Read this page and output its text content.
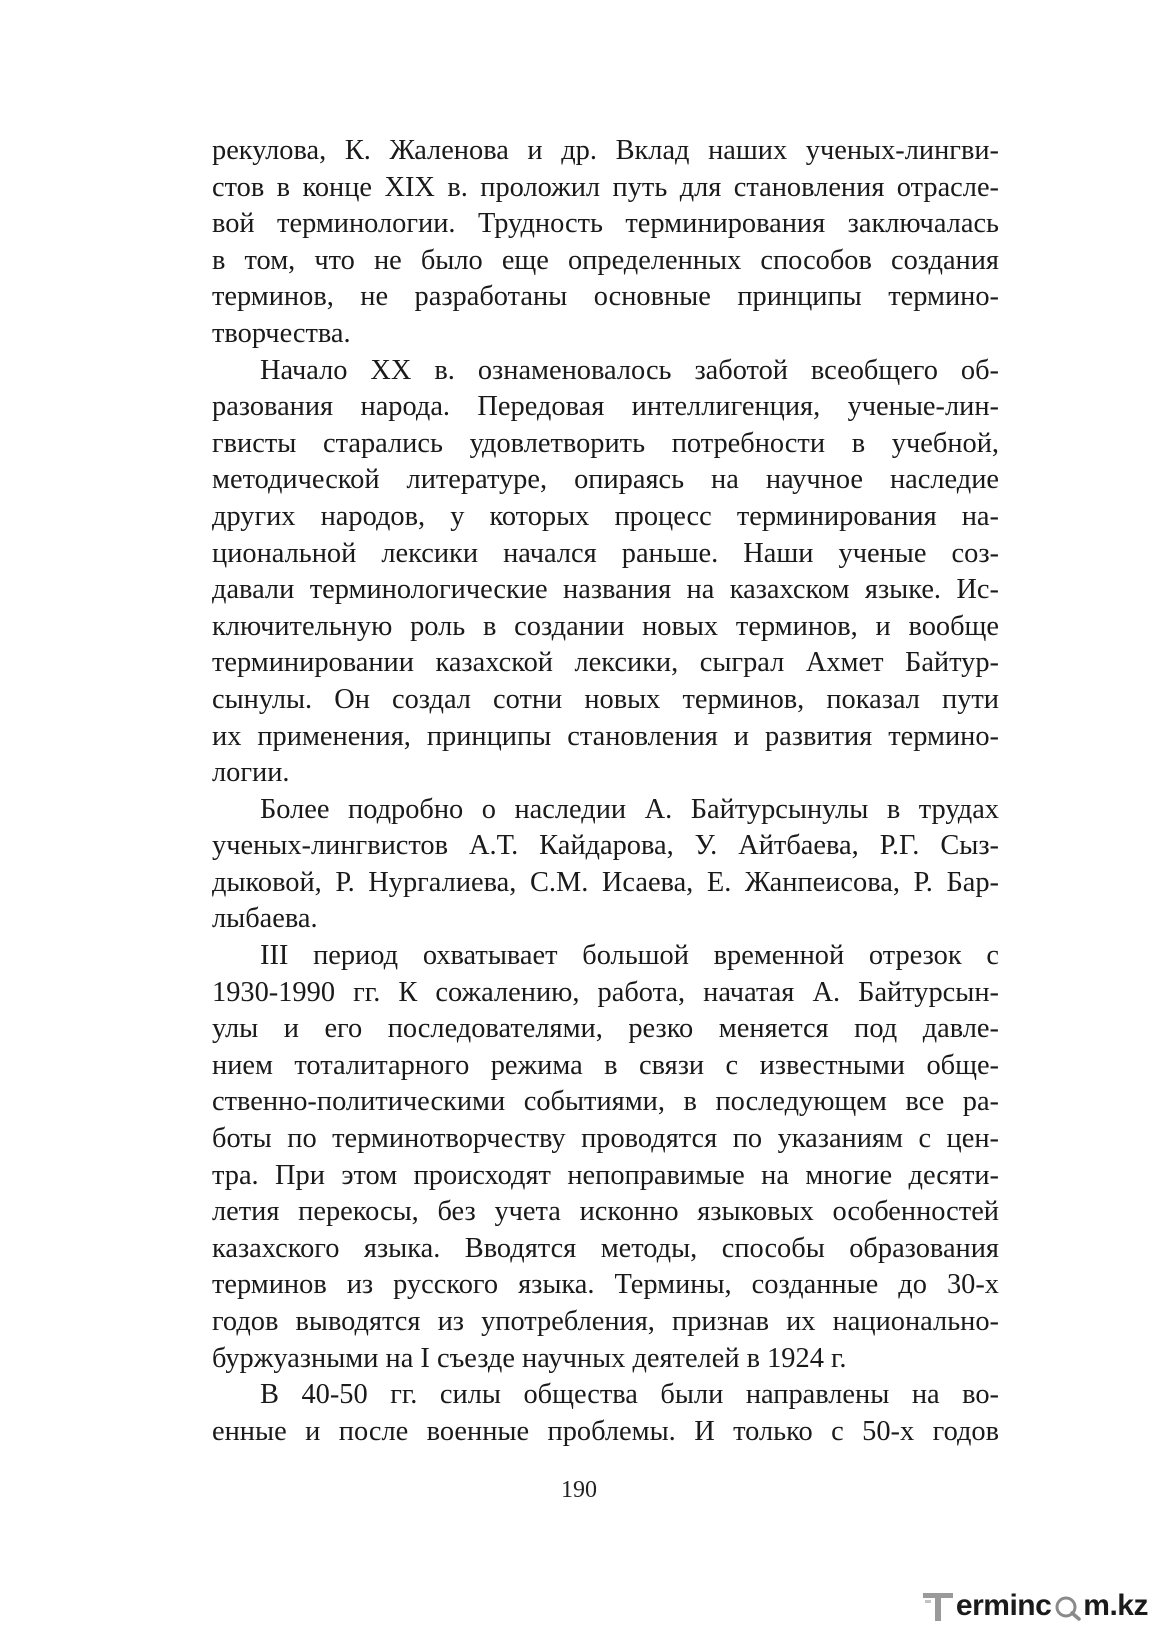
рекулова, К. Жаленова и др. Вклад наших ученых-лингви-
стов в конце XIX в. проложил путь для становления отрасле-
вой терминологии. Трудность терминирования заключалась
в том, что не было еще определенных способов создания
терминов, не разработаны основные принципы термино-
творчества.
Начало XX в. ознаменовалось заботой всеобщего об-
разования народа. Передовая интеллигенция, ученые-лин-
гвисты старались удовлетворить потребности в учебной,
методической литературе, опираясь на научное наследие
других народов, у которых процесс терминирования на-
циональной лексики начался раньше. Наши ученые соз-
давали терминологические названия на казахском языке. Ис-
ключительную роль в создании новых терминов, и вообще
терминировании казахской лексики, сыграл Ахмет Байтур-
сынулы. Он создал сотни новых терминов, показал пути
их применения, принципы становления и развития термино-
логии.
Более подробно о наследии А. Байтурсынулы в трудах
ученых-лингвистов А.Т. Кайдарова, У. Айтбаева, Р.Г. Сыз-
дыковой, Р. Нургалиева, С.М. Исаева, Е. Жанпеисова, Р. Бар-
лыбаева.
III период охватывает большой временной отрезок с
1930-1990 гг. К сожалению, работа, начатая А. Байтурсын-
улы и его последователями, резко меняется под давле-
нием тоталитарного режима в связи с известными обще-
ственно-политическими событиями, в последующем все ра-
боты по терминотворчеству проводятся по указаниям с цен-
тра. При этом происходят непоправимые на многие десяти-
летия перекосы, без учета исконно языковых особенностей
казахского языка. Вводятся методы, способы образования
терминов из русского языка. Термины, созданные до 30-х
годов выводятся из употребления, признав их национально-
буржуазными на I съезде научных деятелей в 1924 г.
В 40-50 гг. силы общества были направлены на во-
енные и после военные проблемы. И только с 50-х годов
190
erminc m.kz
